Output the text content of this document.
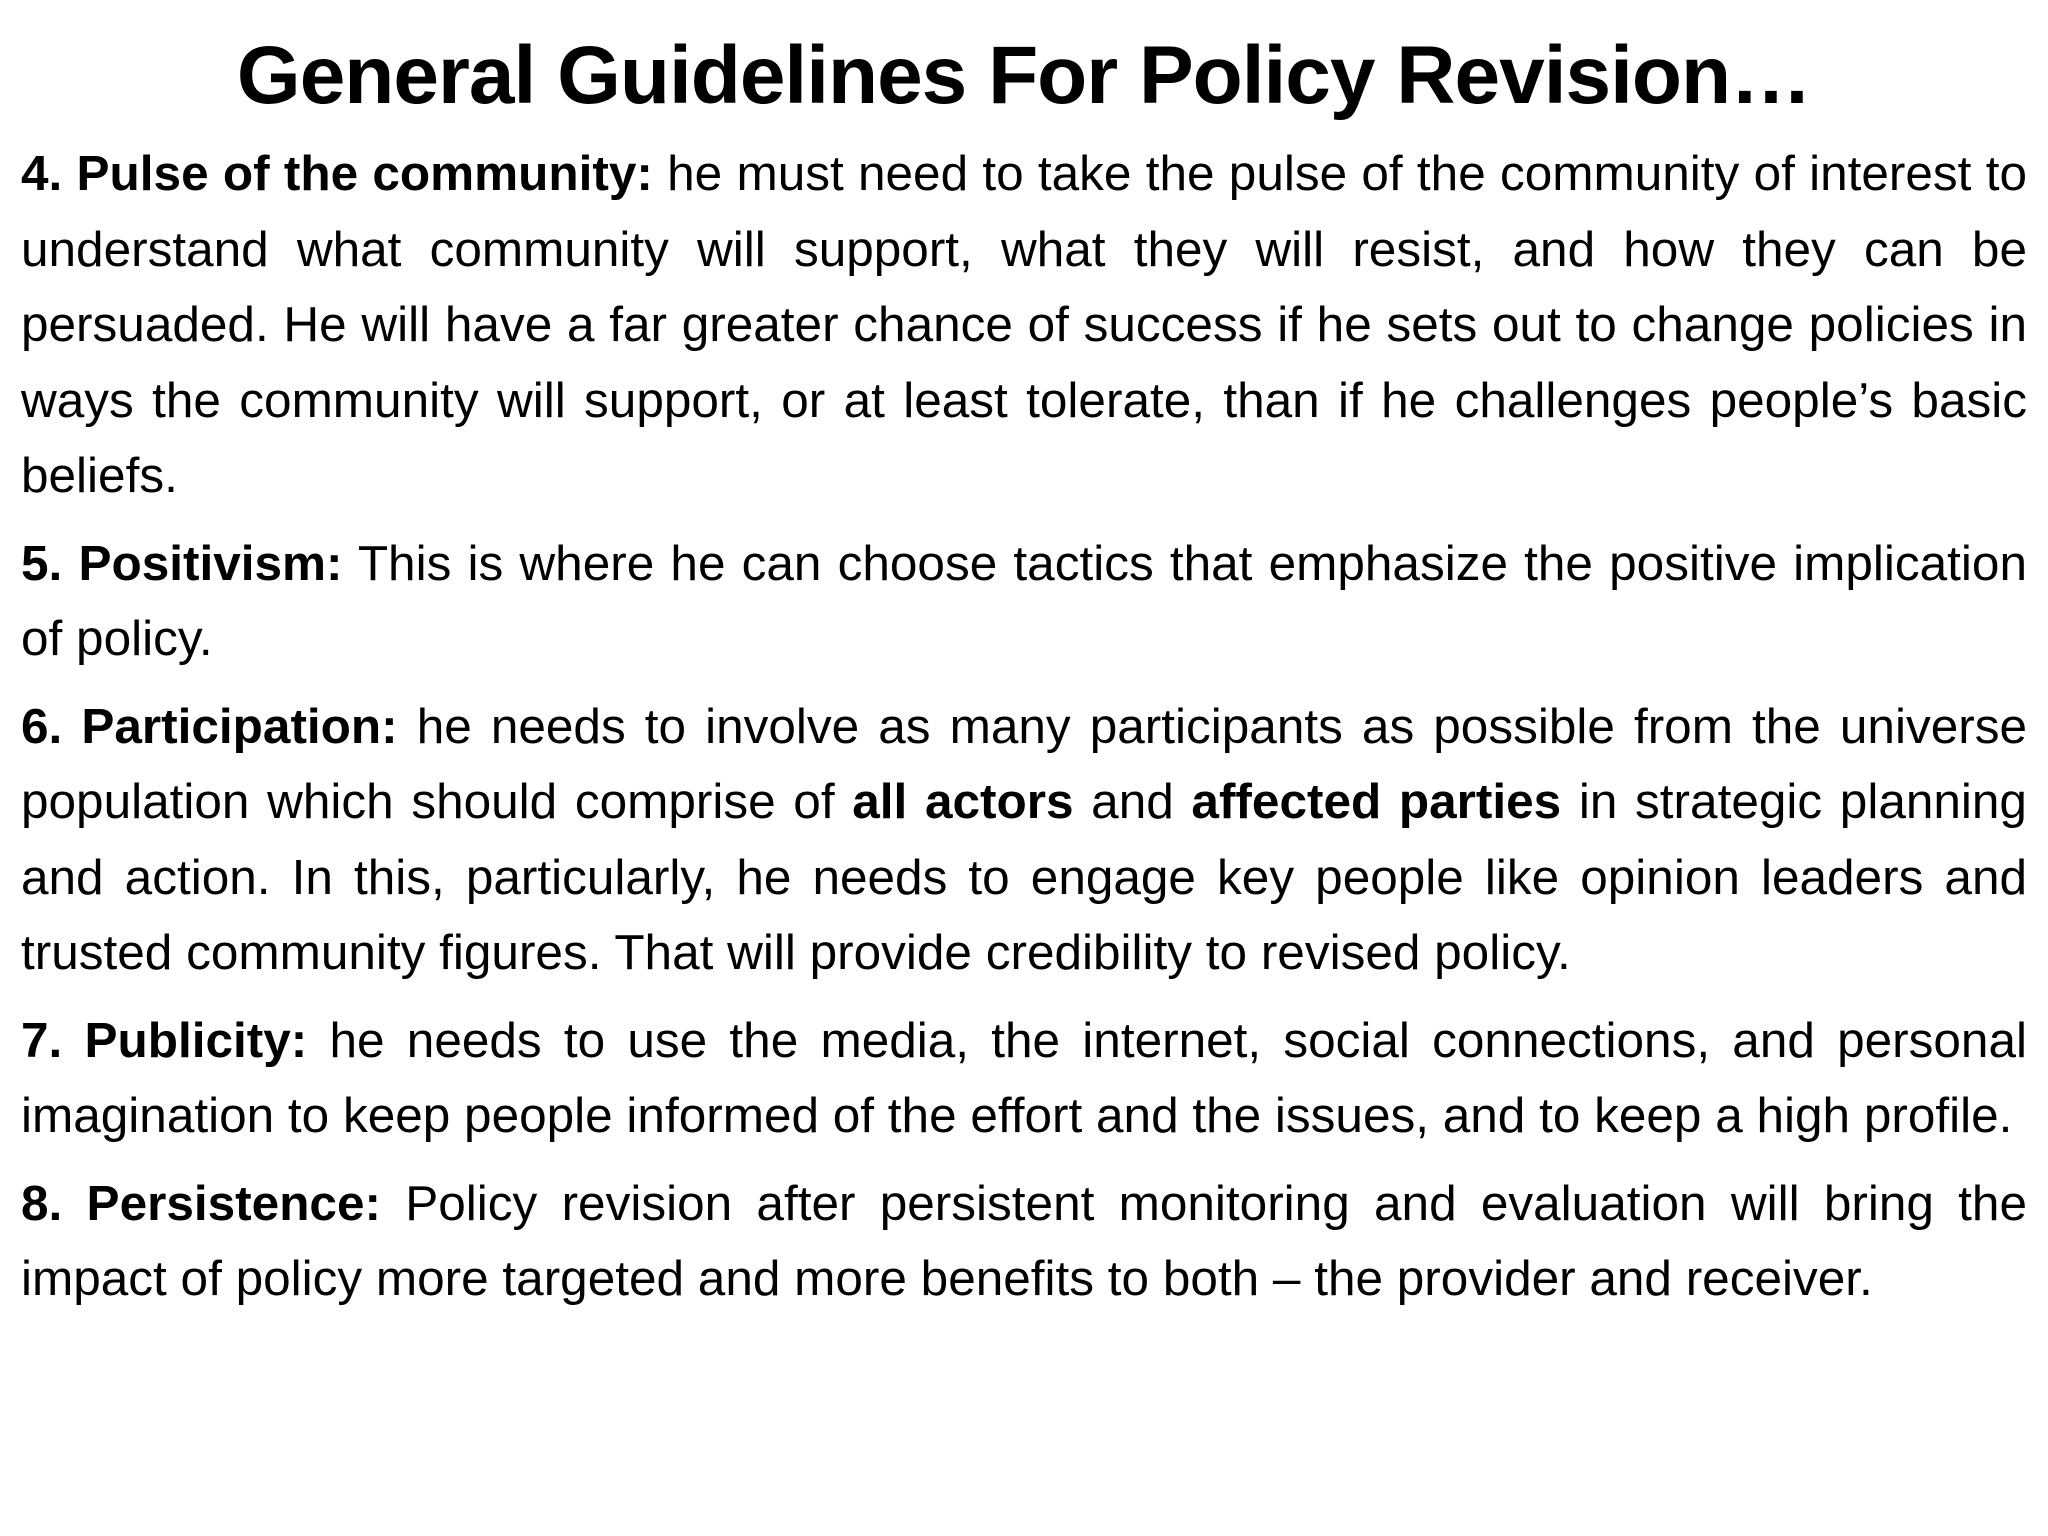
General Guidelines For Policy Revision…

4. Pulse of the community: he must need to take the pulse of the community of interest to understand what community will support, what they will resist, and how they can be persuaded. He will have a far greater chance of success if he sets out to change policies in ways the community will support, or at least tolerate, than if he challenges people’s basic beliefs.

5. Positivism: This is where he can choose tactics that emphasize the positive implication of policy.

6. Participation: he needs to involve as many participants as possible from the universe population which should comprise of all actors and affected parties in strategic planning and action. In this, particularly, he needs to engage key people like opinion leaders and trusted community figures. That will provide credibility to revised policy.

7. Publicity: he needs to use the media, the internet, social connections, and personal imagination to keep people informed of the effort and the issues, and to keep a high profile.

8. Persistence: Policy revision after persistent monitoring and evaluation will bring the impact of policy more targeted and more benefits to both – the provider and receiver.
